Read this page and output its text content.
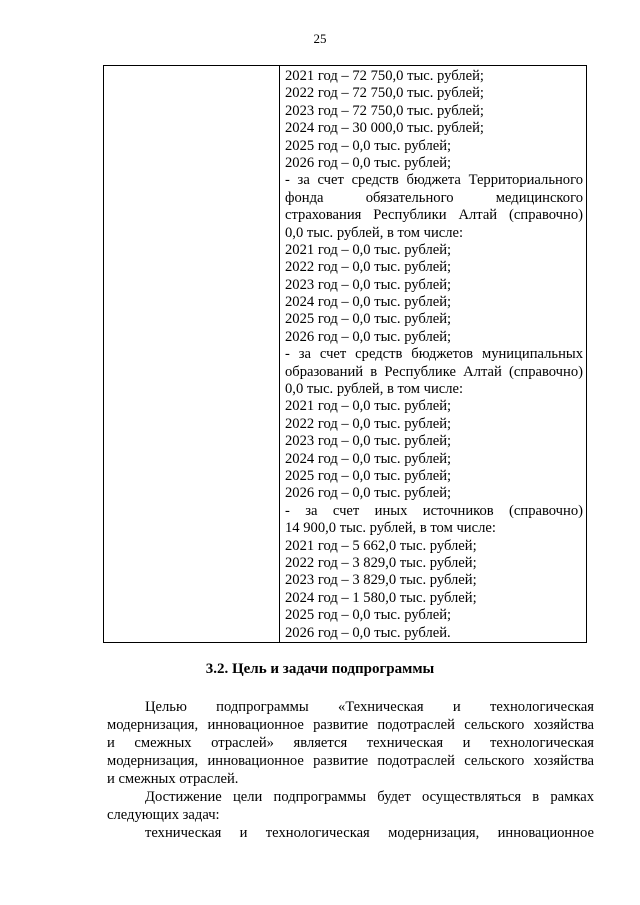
25
2021 год – 72 750,0 тыс. рублей;
2022 год – 72 750,0 тыс. рублей;
2023 год – 72 750,0 тыс. рублей;
2024 год – 30 000,0 тыс. рублей;
2025 год – 0,0 тыс. рублей;
2026 год – 0,0 тыс. рублей;
- за счет средств бюджета Территориального
фонда обязательного медицинского
страхования Республики Алтай (справочно)
0,0 тыс. рублей, в том числе:
2021 год – 0,0 тыс. рублей;
2022 год – 0,0 тыс. рублей;
2023 год – 0,0 тыс. рублей;
2024 год – 0,0 тыс. рублей;
2025 год – 0,0 тыс. рублей;
2026 год – 0,0 тыс. рублей;
- за счет средств бюджетов муниципальных
образований в Республике Алтай (справочно)
0,0 тыс. рублей, в том числе:
2021 год – 0,0 тыс. рублей;
2022 год – 0,0 тыс. рублей;
2023 год – 0,0 тыс. рублей;
2024 год – 0,0 тыс. рублей;
2025 год – 0,0 тыс. рублей;
2026 год – 0,0 тыс. рублей;
- за счет иных источников (справочно)
14 900,0 тыс. рублей, в том числе:
2021 год – 5 662,0 тыс. рублей;
2022 год – 3 829,0 тыс. рублей;
2023 год – 3 829,0 тыс. рублей;
2024 год – 1 580,0 тыс. рублей;
2025 год – 0,0 тыс. рублей;
2026 год – 0,0 тыс. рублей.
3.2. Цель и задачи подпрограммы
Целью подпрограммы «Техническая и технологическая
модернизация, инновационное развитие подотраслей сельского хозяйства
и смежных отраслей» является техническая и технологическая
модернизация, инновационное развитие подотраслей сельского хозяйства
и смежных отраслей.
Достижение цели подпрограммы будет осуществляться в рамках
следующих задач:
техническая и технологическая модернизация, инновационное
